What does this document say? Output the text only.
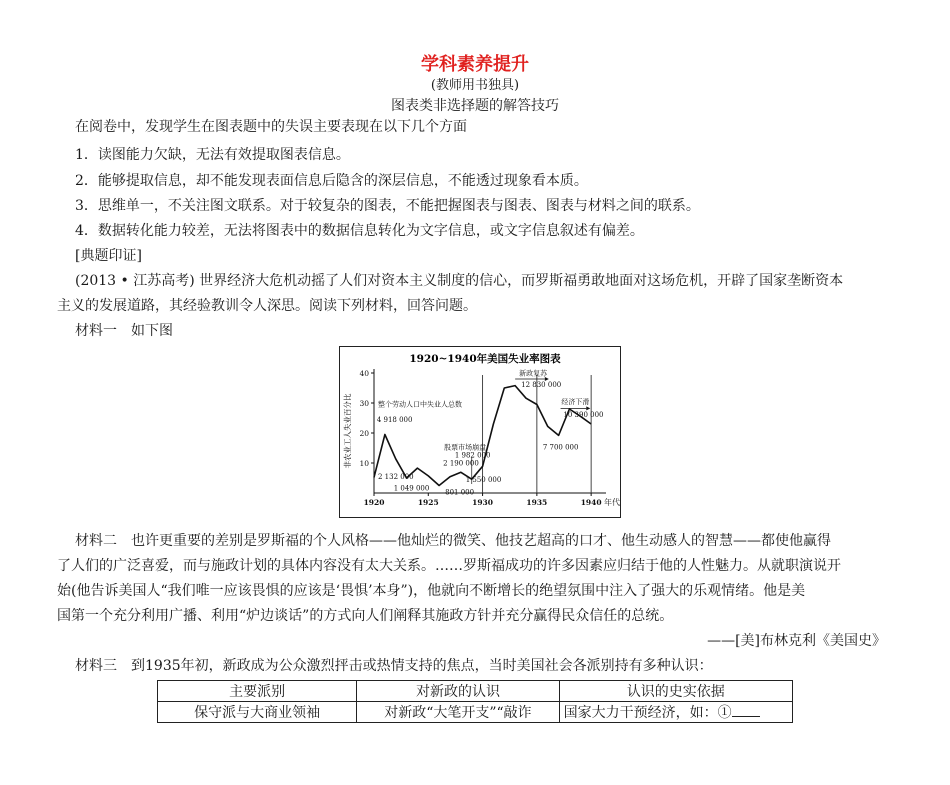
学科素养提升
(教师用书独具)
图表类非选择题的解答技巧
在阅卷中，发现学生在图表题中的失误主要表现在以下几个方面
1．读图能力欠缺，无法有效提取图表信息。
2．能够提取信息，却不能发现表面信息后隐含的深层信息，不能透过现象看本质。
3．思维单一，不关注图文联系。对于较复杂的图表，不能把握图表与图表、图表与材料之间的联系。
4．数据转化能力较差，无法将图表中的数据信息转化为文字信息，或文字信息叙述有偏差。
[典题印证]
(2013 • 江苏高考) 世界经济大危机动摇了人们对资本主义制度的信心，而罗斯福勇敢地面对这场危机，开辟了国家垄断资本
主义的发展道路，其经验教训令人深思。阅读下列材料，回答问题。
材料一　如下图
1920~1940年美国失业率图表
非农业工人失业百分比 10
20
30
40
1920	1925	1930	1935	1940 年代
整个劳动人口中失业人总数
4 918 000
2 132 000
1 049 000
股票市场崩盘
2 190 000
1 982 000
801 000
1 550 000
新政复苏
12 830 000
7 700 000
经济下滑
10 390 000
材料二　也许更重要的差别是罗斯福的个人风格——他灿烂的微笑、他技艺超高的口才、他生动感人的智慧——都使他赢得
了人们的广泛喜爱，而与施政计划的具体内容没有太大关系。……罗斯福成功的许多因素应归结于他的人性魅力。从就职演说开
始(他告诉美国人“我们唯一应该畏惧的应该是‘畏惧’本身”)，他就向不断增长的绝望氛围中注入了强大的乐观情绪。他是美
国第一个充分利用广播、利用“炉边谈话”的方式向人们阐释其施政方针并充分赢得民众信任的总统。
——[美]布林克利《美国史》
材料三　到1935年初，新政成为公众激烈抨击或热情支持的焦点，当时美国社会各派别持有多种认识：
主要派别	对新政的认识	认识的史实依据
保守派与大商业领袖	对新政“大笔开支”“敲诈	国家大力干预经济，如：①
